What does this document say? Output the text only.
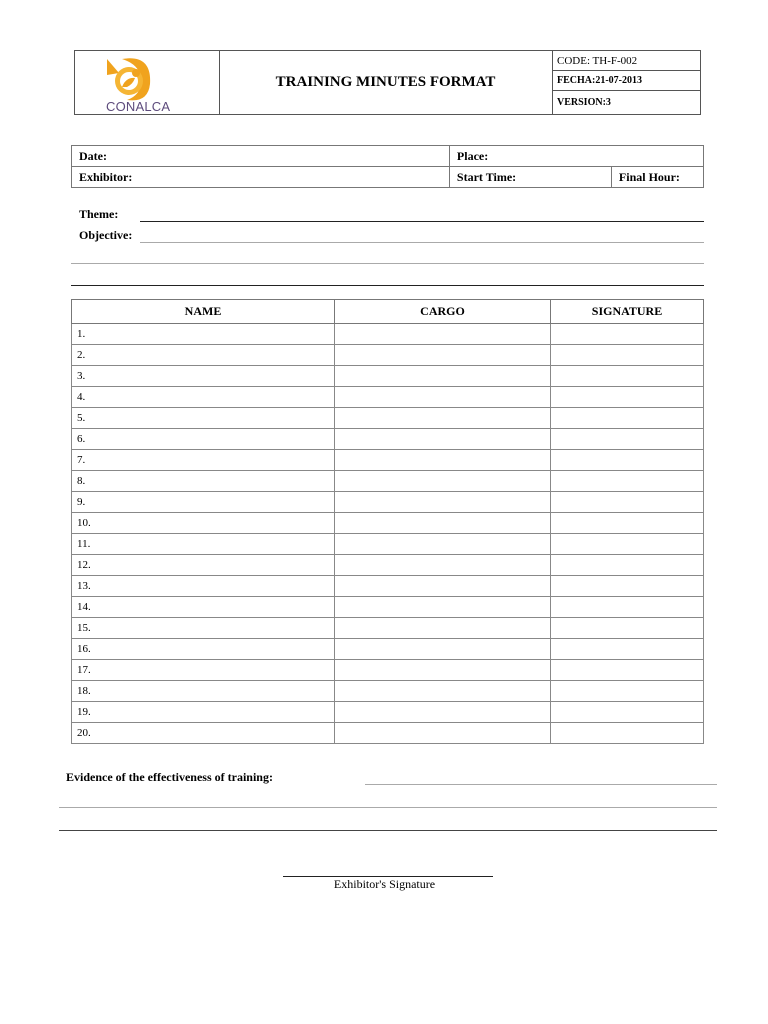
CONALCA
TRAINING MINUTES FORMAT
CODE: TH-F-002
FECHA:21-07-2013
VERSION:3
Date:	Place:	
Exhibitor:	Start Time:	Final Hour:
Theme:
Objective:
NAME	CARGO	SIGNATURE
1.		
2.		
3.		
4.		
5.		
6.		
7.		
8.		
9.		
10.		
11.		
12.		
13.		
14.		
15.		
16.		
17.		
18.		
19.		
20.		
Evidence of the effectiveness of training:
Exhibitor's Signature
